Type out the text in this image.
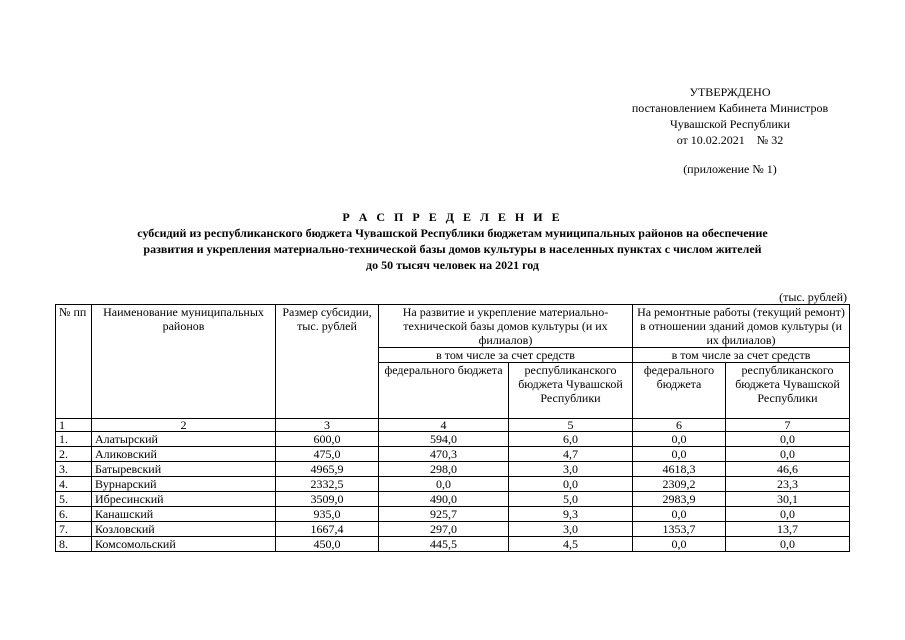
УТВЕРЖДЕНО
постановлением Кабинета Министров
Чувашской Республики
от 10.02.2021    № 32
(приложение № 1)
Р А С П Р Е Д Е Л Е Н И Е
субсидий из республиканского бюджета Чувашской Республики бюджетам муниципальных районов на обеспечение
развития и укрепления материально-технической базы домов культуры в населенных пунктах с числом жителей
до 50 тысяч человек на 2021 год
(тыс. рублей)
№ пп	Наименование муниципальных районов	Размер субсидии, тыс. рублей	На развитие и укрепление материально-технической базы домов культуры (и их филиалов)		На ремонтные работы (текущий ремонт) в отношении зданий домов культуры (и их филиалов)	
			в том числе за счет средств		в том числе за счет средств	
			федерального бюджета	республиканского бюджета Чувашской Республики	федерального бюджета	республиканского бюджета Чувашской Республики
1	2	3	4	5	6	7
1.	Алатырский	600,0	594,0	6,0	0,0	0,0
2.	Аликовский	475,0	470,3	4,7	0,0	0,0
3.	Батыревский	4965,9	298,0	3,0	4618,3	46,6
4.	Вурнарский	2332,5	0,0	0,0	2309,2	23,3
5.	Ибресинский	3509,0	490,0	5,0	2983,9	30,1
6.	Канашский	935,0	925,7	9,3	0,0	0,0
7.	Козловский	1667,4	297,0	3,0	1353,7	13,7
8.	Комсомольский	450,0	445,5	4,5	0,0	0,0
